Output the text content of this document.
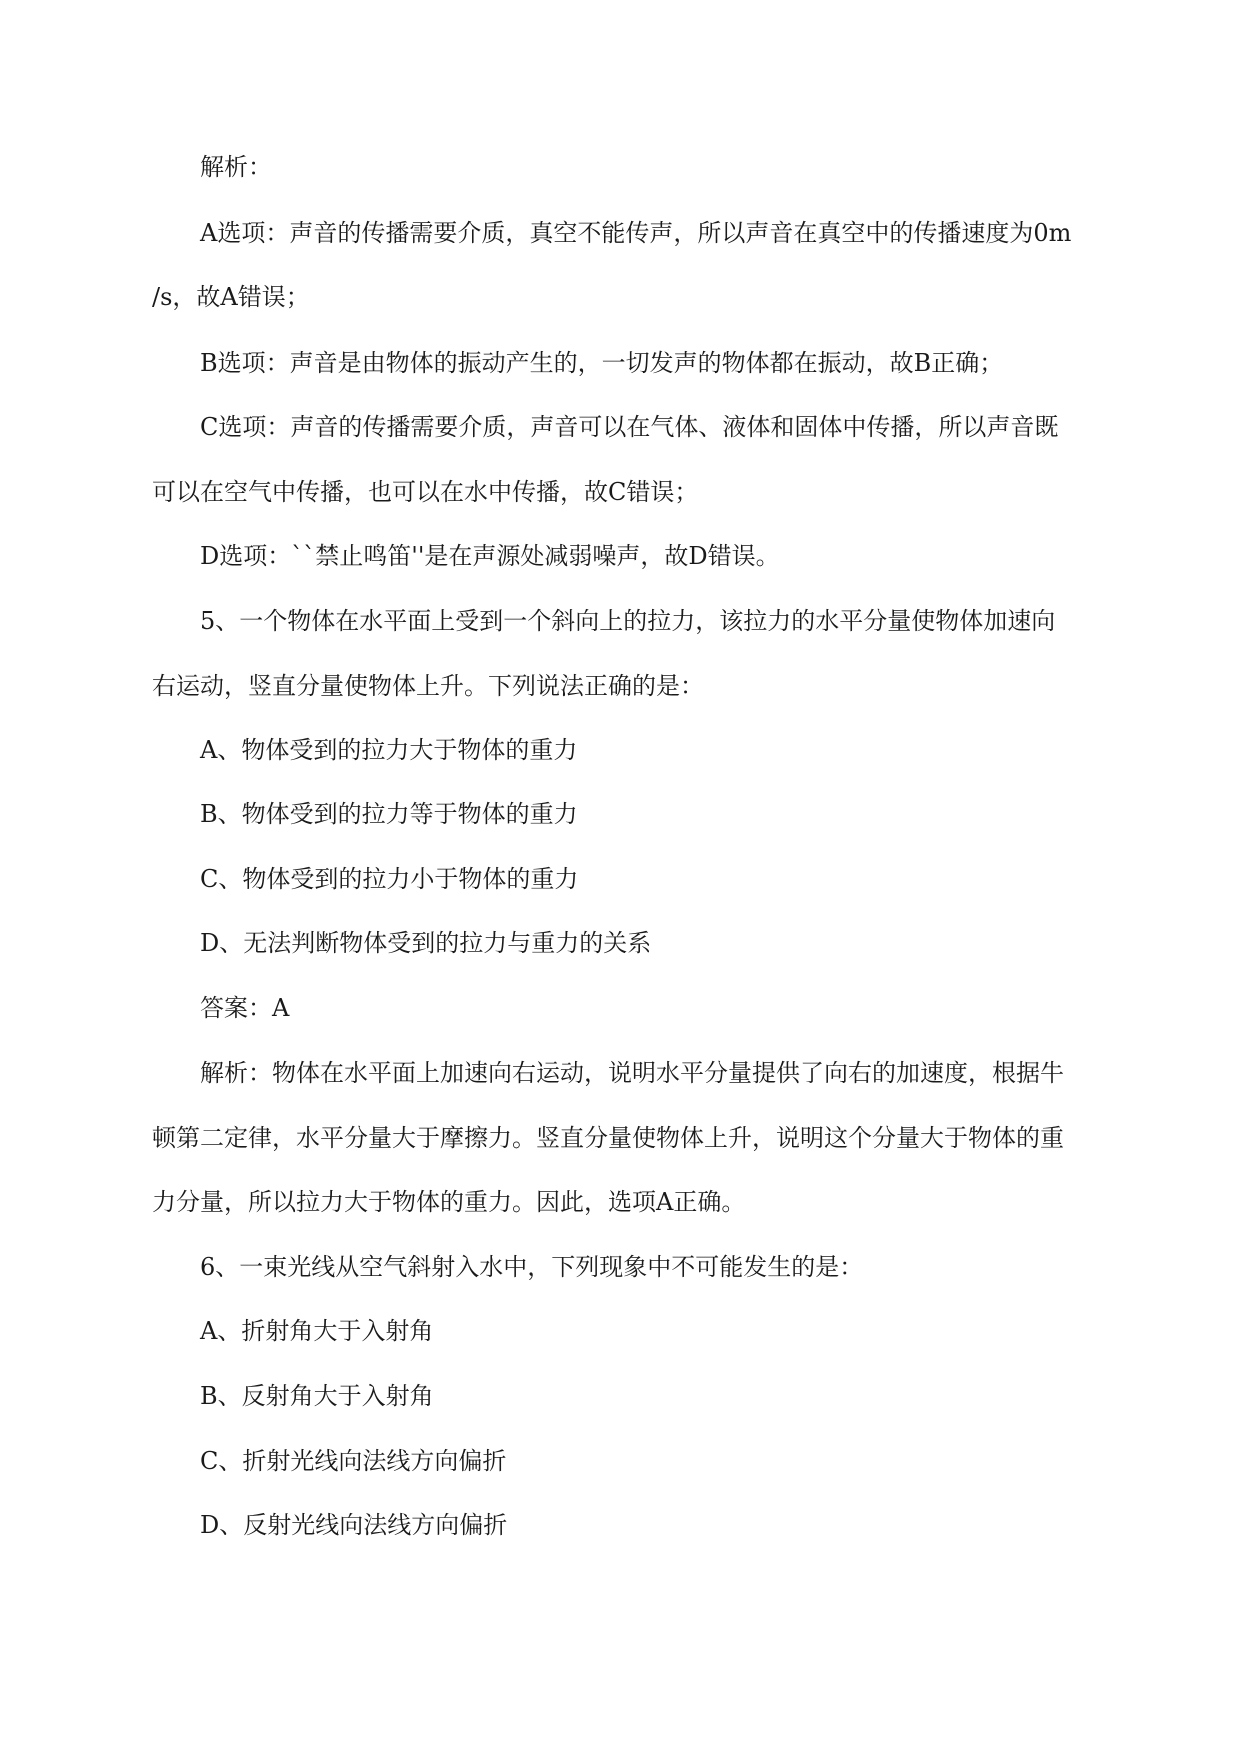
解析：
A选项：声音的传播需要介质，真空不能传声，所以声音在真空中的传播速度为0m
/s，故A错误；
B选项：声音是由物体的振动产生的，一切发声的物体都在振动，故B正确；
C选项：声音的传播需要介质，声音可以在气体、液体和固体中传播，所以声音既
可以在空气中传播，也可以在水中传播，故C错误；
D选项：``禁止鸣笛''是在声源处减弱噪声，故D错误。
5、一个物体在水平面上受到一个斜向上的拉力，该拉力的水平分量使物体加速向
右运动，竖直分量使物体上升。下列说法正确的是：
A、物体受到的拉力大于物体的重力
B、物体受到的拉力等于物体的重力
C、物体受到的拉力小于物体的重力
D、无法判断物体受到的拉力与重力的关系
答案：A
解析：物体在水平面上加速向右运动，说明水平分量提供了向右的加速度，根据牛
顿第二定律，水平分量大于摩擦力。竖直分量使物体上升，说明这个分量大于物体的重
力分量，所以拉力大于物体的重力。因此，选项A正确。
6、一束光线从空气斜射入水中，下列现象中不可能发生的是：
A、折射角大于入射角
B、反射角大于入射角
C、折射光线向法线方向偏折
D、反射光线向法线方向偏折
